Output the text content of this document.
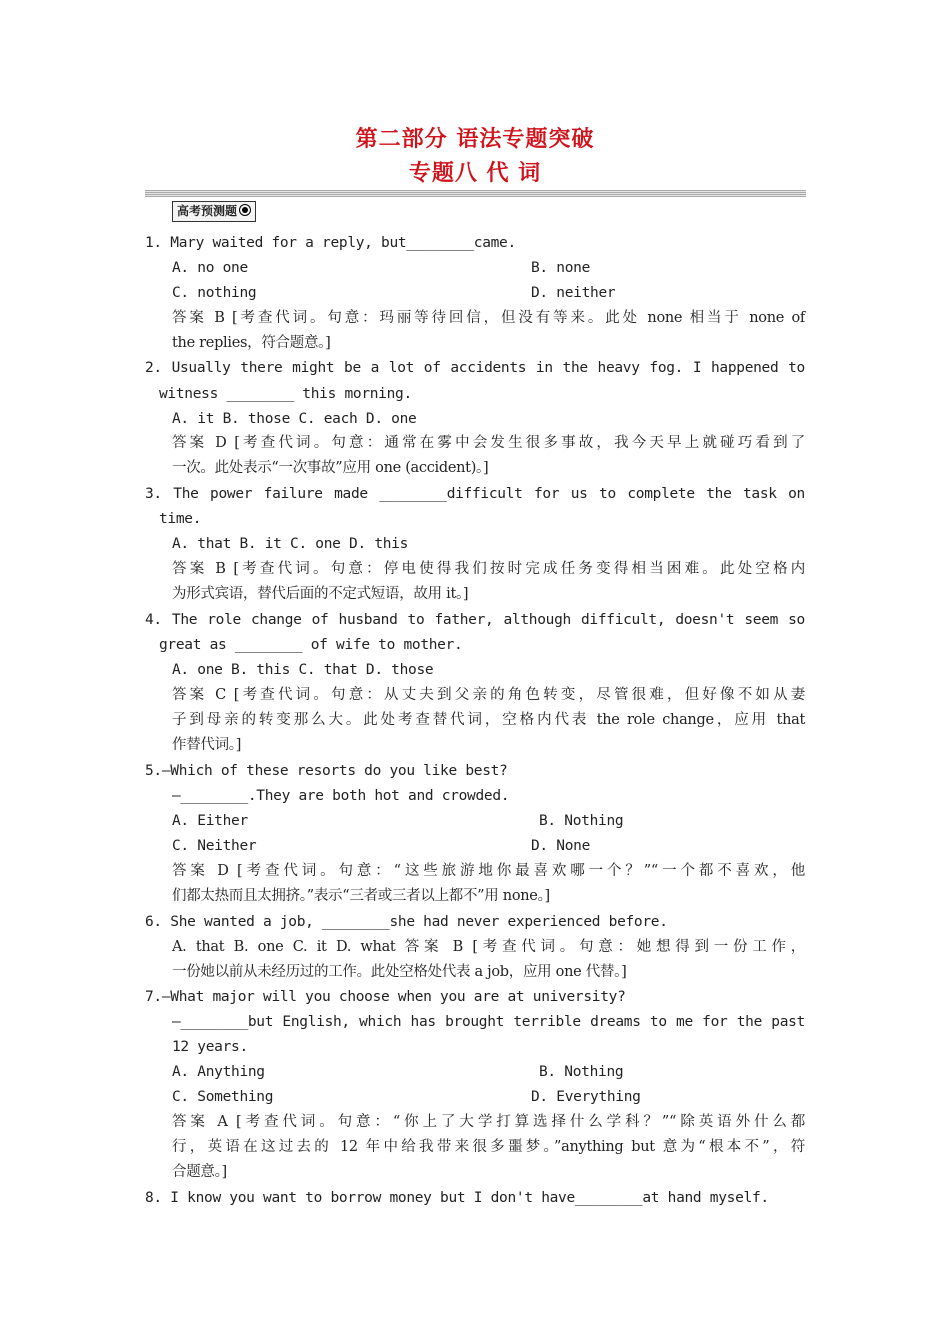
第二部分 语法专题突破
专题八 代 词
高考预测题
1. Mary waited for a reply, but________came.
A. no one	B. none
C. nothing	D. neither
答案 B [考查代词。句意：玛丽等待回信，但没有等来。此处 none 相当于 none of
the replies，符合题意。]
2. Usually there might be a lot of accidents in the heavy fog. I happened to
witness ________ this morning.
A. it B. those C. each D. one
答案 D [考查代词。句意：通常在雾中会发生很多事故，我今天早上就碰巧看到了
一次。此处表示“一次事故”应用 one (accident)。]
3. The power failure made ________difficult for us to complete the task on
time.
A. that B. it C. one D. this
答案 B [考查代词。句意：停电使得我们按时完成任务变得相当困难。此处空格内
为形式宾语，替代后面的不定式短语，故用 it。]
4. The role change of husband to father, although difficult, doesn't seem so
great as ________ of wife to mother.
A. one B. this C. that D. those
答案 C [考查代词。句意：从丈夫到父亲的角色转变，尽管很难，但好像不如从妻
子到母亲的转变那么大。此处考查替代词，空格内代表 the role change，应用 that
作替代词。]
5.—Which of these resorts do you like best?
—________.They are both hot and crowded.
A. Either	B. Nothing
C. Neither	D. None
答案 D [考查代词。句意：“这些旅游地你最喜欢哪一个？”“一个都不喜欢，他
们都太热而且太拥挤。”表示“三者或三者以上都不”用 none。]
6. She wanted a job, ________she had never experienced before.
A. that B. one C. it D. what 答案 B [考查代词。句意：她想得到一份工作，
一份她以前从未经历过的工作。此处空格处代表 a job，应用 one 代替。]
7.—What major will you choose when you are at university?
—________but English, which has brought terrible dreams to me for the past
12 years.
A. Anything	B. Nothing
C. Something	D. Everything
答案 A [考查代词。句意：“你上了大学打算选择什么学科？”“除英语外什么都
行，英语在这过去的 12 年中给我带来很多噩梦。”anything but 意为“根本不”，符
合题意。]
8. I know you want to borrow money but I don't have________at hand myself.
